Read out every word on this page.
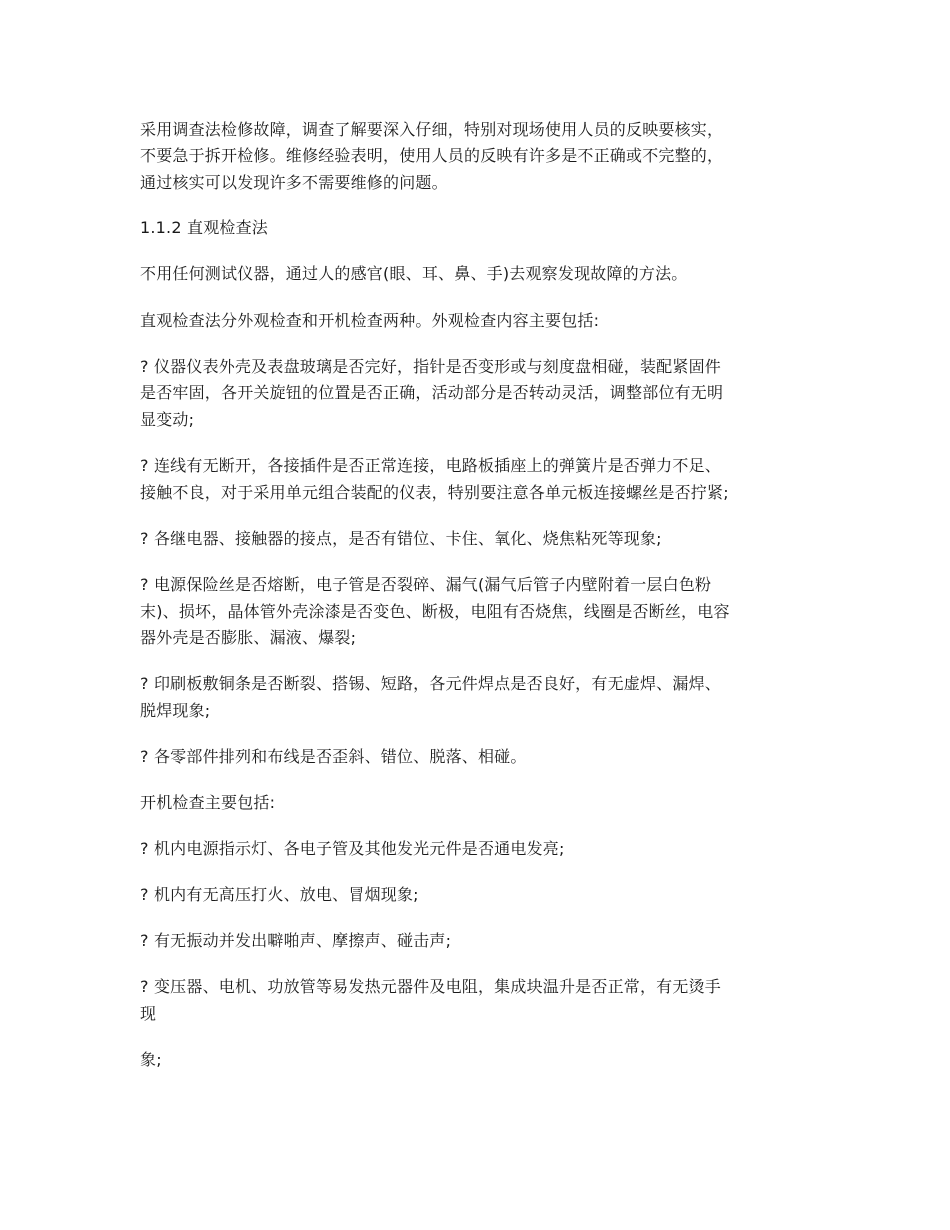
采用调查法检修故障，调查了解要深入仔细，特别对现场使用人员的反映要核实，
不要急于拆开检修。维修经验表明，使用人员的反映有许多是不正确或不完整的，
通过核实可以发现许多不需要维修的问题。
1.1.2 直观检查法
不用任何测试仪器，通过人的感官(眼、耳、鼻、手)去观察发现故障的方法。
直观检查法分外观检查和开机检查两种。外观检查内容主要包括:
? 仪器仪表外壳及表盘玻璃是否完好，指针是否变形或与刻度盘相碰，装配紧固件
是否牢固，各开关旋钮的位置是否正确，活动部分是否转动灵活，调整部位有无明
显变动;
? 连线有无断开，各接插件是否正常连接，电路板插座上的弹簧片是否弹力不足、
接触不良，对于采用单元组合装配的仪表，特别要注意各单元板连接螺丝是否拧紧;
? 各继电器、接触器的接点，是否有错位、卡住、氧化、烧焦粘死等现象;
? 电源保险丝是否熔断，电子管是否裂碎、漏气(漏气后管子内壁附着一层白色粉
末)、损坏，晶体管外壳涂漆是否变色、断极，电阻有否烧焦，线圈是否断丝，电容
器外壳是否膨胀、漏液、爆裂;
? 印刷板敷铜条是否断裂、搭锡、短路，各元件焊点是否良好，有无虚焊、漏焊、
脱焊现象;
? 各零部件排列和布线是否歪斜、错位、脱落、相碰。
开机检查主要包括:
? 机内电源指示灯、各电子管及其他发光元件是否通电发亮;
? 机内有无高压打火、放电、冒烟现象;
? 有无振动并发出噼啪声、摩擦声、碰击声;
? 变压器、电机、功放管等易发热元器件及电阻，集成块温升是否正常，有无烫手
现
象;
